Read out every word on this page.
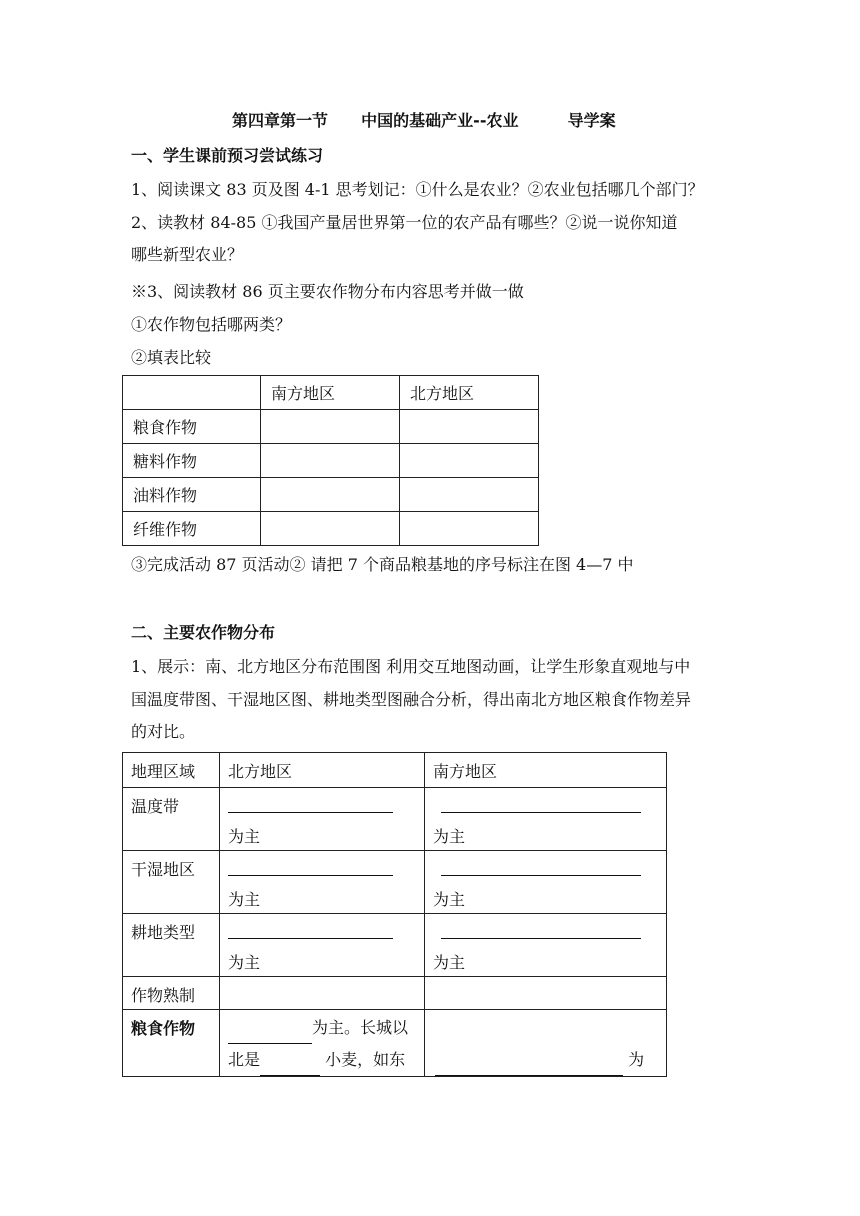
第四章第一节 中国的基础产业--农业	导学案
一、学生课前预习尝试练习
1、阅读课文 83 页及图 4-1 思考划记：①什么是农业？②农业包括哪几个部门？
2、读教材 84-85 ①我国产量居世界第一位的农产品有哪些？②说一说你知道
哪些新型农业？
※3、阅读教材 86 页主要农作物分布内容思考并做一做
①农作物包括哪两类？
②填表比较
	南方地区	北方地区
粮食作物		
糖料作物		
油料作物		
纤维作物		
③完成活动 87 页活动② 请把 7 个商品粮基地的序号标注在图 4—7 中
二、主要农作物分布
1、展示：南、北方地区分布范围图 利用交互地图动画，让学生形象直观地与中
国温度带图、干湿地区图、耕地类型图融合分析，得出南北方地区粮食作物差异
的对比。
地理区域	北方地区	南方地区
温度带	为主	为主

干湿地区	为主	为主

耕地类型	为主	为主

作物熟制		
粮食作物	为主。长城以
北是 小麦，如东	为
